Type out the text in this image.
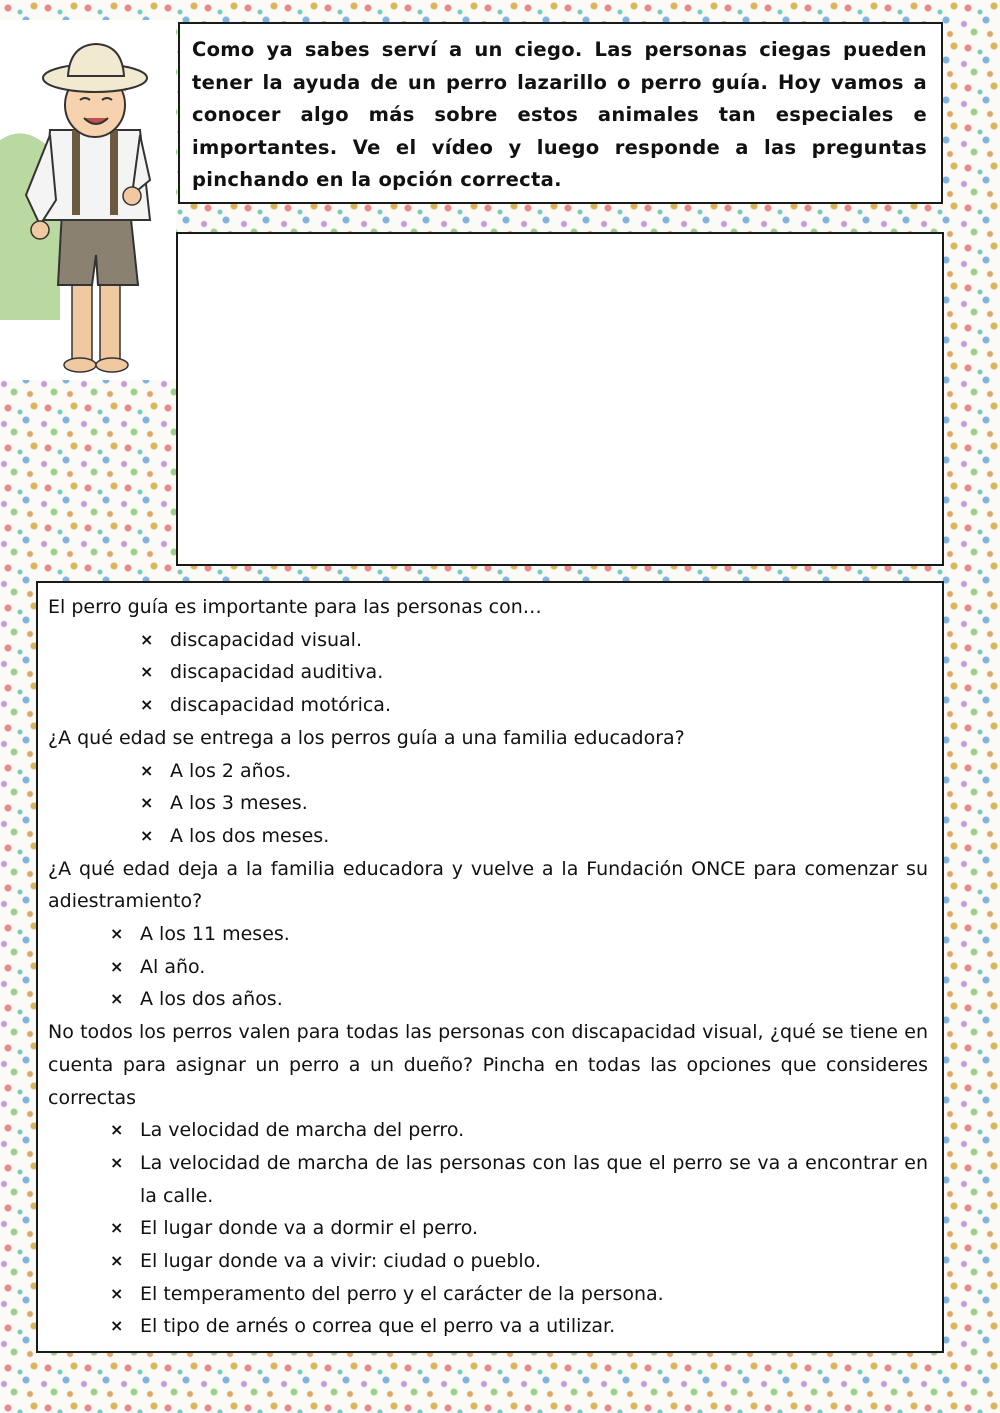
Como ya sabes serví a un ciego. Las personas ciegas pueden tener la ayuda de un perro lazarillo o perro guía. Hoy vamos a conocer algo más sobre estos animales tan especiales e importantes. Ve el vídeo y luego responde a las preguntas pinchando en la opción correcta.

El perro guía es importante para las personas con…

× discapacidad visual.
× discapacidad auditiva.
× discapacidad motórica.

¿A qué edad se entrega a los perros guía a una familia educadora?

× A los 2 años.
× A los 3 meses.
× A los dos meses.

¿A qué edad deja a la familia educadora y vuelve a la Fundación ONCE para comenzar su adiestramiento?

× A los 11 meses.
× Al año.
× A los dos años.

No todos los perros valen para todas las personas con discapacidad visual, ¿qué se tiene en cuenta para asignar un perro a un dueño? Pincha en todas las opciones que consideres correctas

× La velocidad de marcha del perro.
× La velocidad de marcha de las personas con las que el perro se va a encontrar en la calle.
× El lugar donde va a dormir el perro.
× El lugar donde va a vivir: ciudad o pueblo.
× El temperamento del perro y el carácter de la persona.
× El tipo de arnés o correa que el perro va a utilizar.
